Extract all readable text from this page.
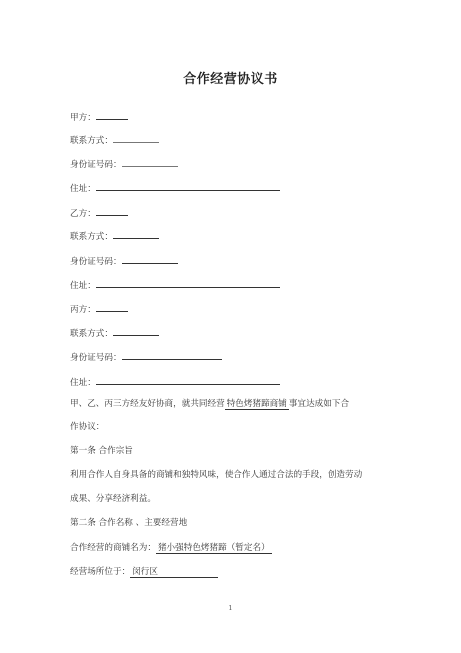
合作经营协议书
甲方：
联系方式：
身份证号码：
住址：
乙方：
联系方式：
身份证号码：
住址：
丙方：
联系方式：
身份证号码：
住址：
甲、乙、丙三方经友好协商，就共同经营 特色烤猪蹄商铺 事宜达成如下合
作协议：
第一条 合作宗旨
利用合作人自身具备的商铺和独特风味，使合作人通过合法的手段，创造劳动
成果、分享经济利益。
第二条 合作名称 、主要经营地
合作经营的商铺名为： 猪小强特色烤猪蹄（暂定名）
经营场所位于： 闵行区
1
